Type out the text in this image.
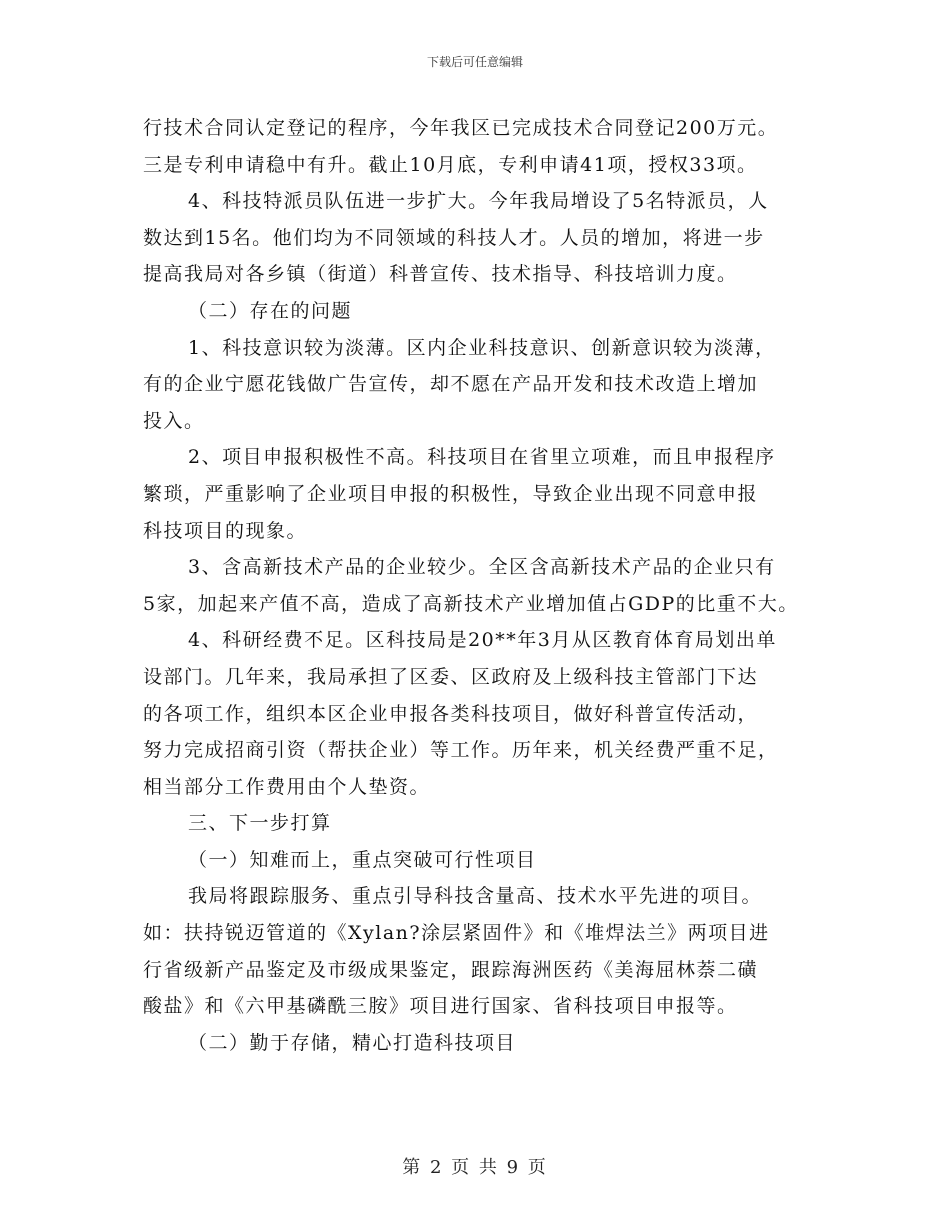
下载后可任意编辑
行技术合同认定登记的程序，今年我区已完成技术合同登记200万元。
三是专利申请稳中有升。截止10月底，专利申请41项，授权33项。
4、科技特派员队伍进一步扩大。今年我局增设了5名特派员，人
数达到15名。他们均为不同领域的科技人才。人员的增加，将进一步
提高我局对各乡镇（街道）科普宣传、技术指导、科技培训力度。
（二）存在的问题
1、科技意识较为淡薄。区内企业科技意识、创新意识较为淡薄，
有的企业宁愿花钱做广告宣传，却不愿在产品开发和技术改造上增加
投入。
2、项目申报积极性不高。科技项目在省里立项难，而且申报程序
繁琐，严重影响了企业项目申报的积极性，导致企业出现不同意申报
科技项目的现象。
3、含高新技术产品的企业较少。全区含高新技术产品的企业只有
5家，加起来产值不高，造成了高新技术产业增加值占GDP的比重不大。
4、科研经费不足。区科技局是20**年3月从区教育体育局划出单
设部门。几年来，我局承担了区委、区政府及上级科技主管部门下达
的各项工作，组织本区企业申报各类科技项目，做好科普宣传活动，
努力完成招商引资（帮扶企业）等工作。历年来，机关经费严重不足，
相当部分工作费用由个人垫资。
三、下一步打算
（一）知难而上，重点突破可行性项目
我局将跟踪服务、重点引导科技含量高、技术水平先进的项目。
如：扶持锐迈管道的《Xylan?涂层紧固件》和《堆焊法兰》两项目进
行省级新产品鉴定及市级成果鉴定，跟踪海洲医药《美海屈林萘二磺
酸盐》和《六甲基磷酰三胺》项目进行国家、省科技项目申报等。
（二）勤于存储，精心打造科技项目
第 2 页 共 9 页
